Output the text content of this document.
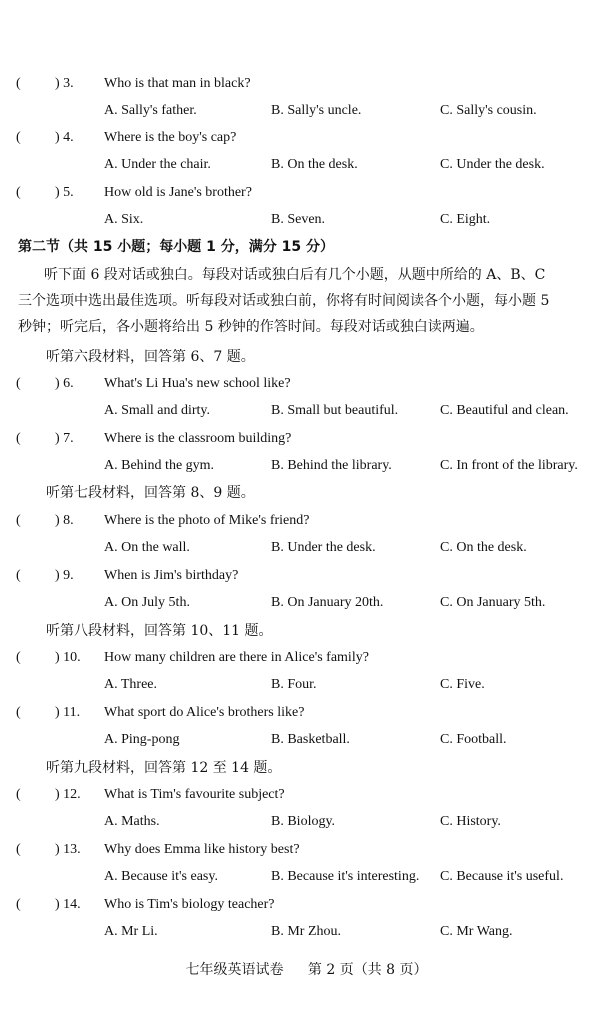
( ) 3. Who is that man in black?
A. Sally's father.	B. Sally's uncle.	C. Sally's cousin.
( ) 4. Where is the boy's cap?
A. Under the chair.	B. On the desk.	C. Under the desk.
( ) 5. How old is Jane's brother?
A. Six.	B. Seven.	C. Eight.
第二节（共 15 小题；每小题 1 分，满分 15 分）
听下面 6 段对话或独白。每段对话或独白后有几个小题，从题中所给的 A、B、C
三个选项中选出最佳选项。听每段对话或独白前，你将有时间阅读各个小题，每小题 5
秒钟；听完后，各小题将给出 5 秒钟的作答时间。每段对话或独白读两遍。
听第六段材料，回答第 6、7 题。
( ) 6. What's Li Hua's new school like?
A. Small and dirty.	B. Small but beautiful.	C. Beautiful and clean.
( ) 7. Where is the classroom building?
A. Behind the gym.	B. Behind the library.	C. In front of the library.
听第七段材料，回答第 8、9 题。
( ) 8. Where is the photo of Mike's friend?
A. On the wall.	B. Under the desk.	C. On the desk.
( ) 9. When is Jim's birthday?
A. On July 5th.	B. On January 20th.	C. On January 5th.
听第八段材料，回答第 10、11 题。
( ) 10. How many children are there in Alice's family?
A. Three.	B. Four.	C. Five.
( ) 11. What sport do Alice's brothers like?
A. Ping-pong	B. Basketball.	C. Football.
听第九段材料，回答第 12 至 14 题。
( ) 12. What is Tim's favourite subject?
A. Maths.	B. Biology.	C. History.
( ) 13. Why does Emma like history best?
A. Because it's easy.	B. Because it's interesting. C. Because it's useful.
( ) 14. Who is Tim's biology teacher?
A. Mr Li.	B. Mr Zhou.	C. Mr Wang.
七年级英语试卷 第 2 页（共 8 页）
